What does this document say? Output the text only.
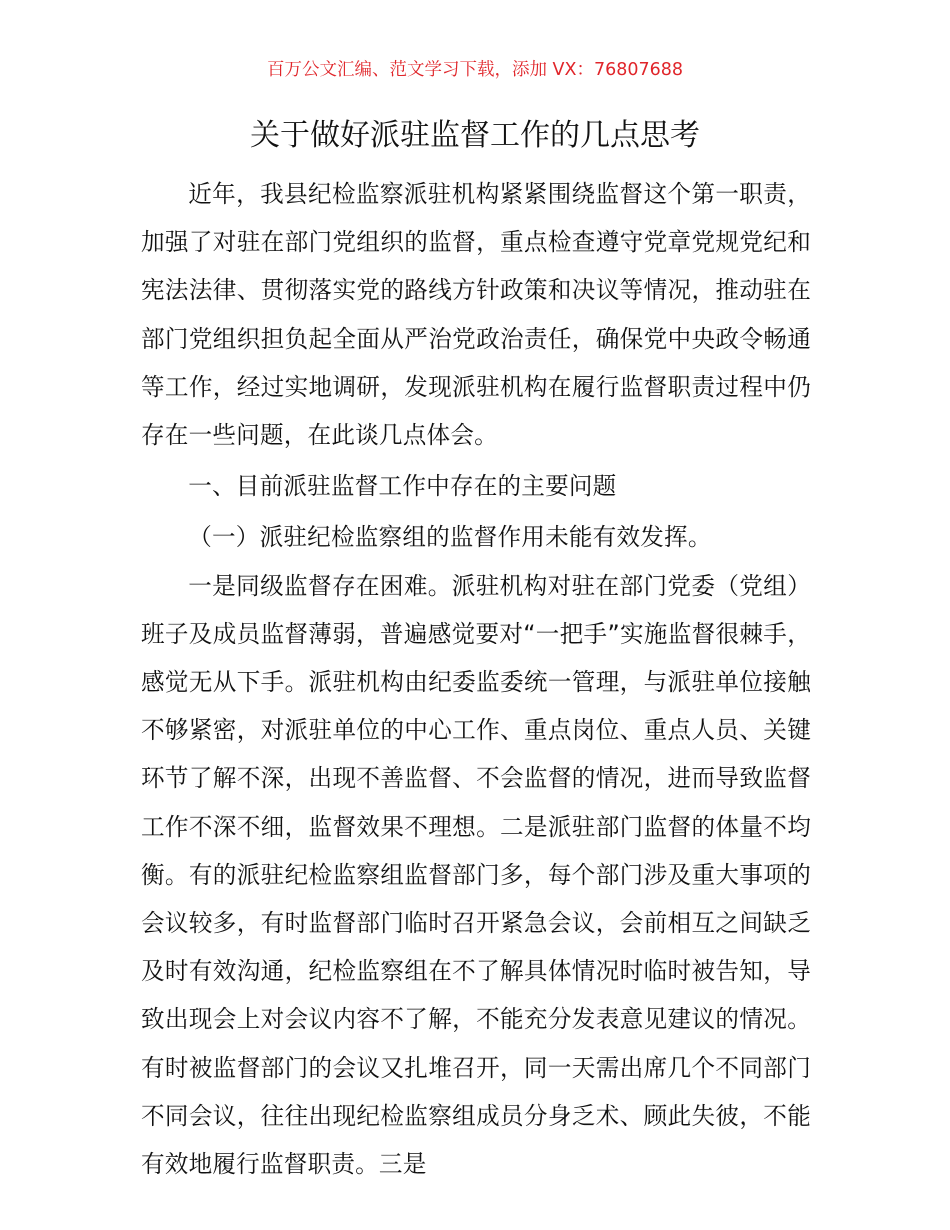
百万公文汇编、范文学习下载，添加 VX：76807688
关于做好派驻监督工作的几点思考

近年，我县纪检监察派驻机构紧紧围绕监督这个第一职责，加强了对驻在部门党组织的监督，重点检查遵守党章党规党纪和宪法法律、贯彻落实党的路线方针政策和决议等情况，推动驻在部门党组织担负起全面从严治党政治责任，确保党中央政令畅通等工作，经过实地调研，发现派驻机构在履行监督职责过程中仍存在一些问题，在此谈几点体会。

一、目前派驻监督工作中存在的主要问题

（一）派驻纪检监察组的监督作用未能有效发挥。

一是同级监督存在困难。派驻机构对驻在部门党委（党组）班子及成员监督薄弱，普遍感觉要对“一把手”实施监督很棘手，感觉无从下手。派驻机构由纪委监委统一管理，与派驻单位接触不够紧密，对派驻单位的中心工作、重点岗位、重点人员、关键环节了解不深，出现不善监督、不会监督的情况，进而导致监督工作不深不细，监督效果不理想。二是派驻部门监督的体量不均衡。有的派驻纪检监察组监督部门多，每个部门涉及重大事项的会议较多，有时监督部门临时召开紧急会议，会前相互之间缺乏及时有效沟通，纪检监察组在不了解具体情况时临时被告知，导致出现会上对会议内容不了解，不能充分发表意见建议的情况。有时被监督部门的会议又扎堆召开，同一天需出席几个不同部门不同会议，往往出现纪检监察组成员分身乏术、顾此失彼，不能有效地履行监督职责。三是
